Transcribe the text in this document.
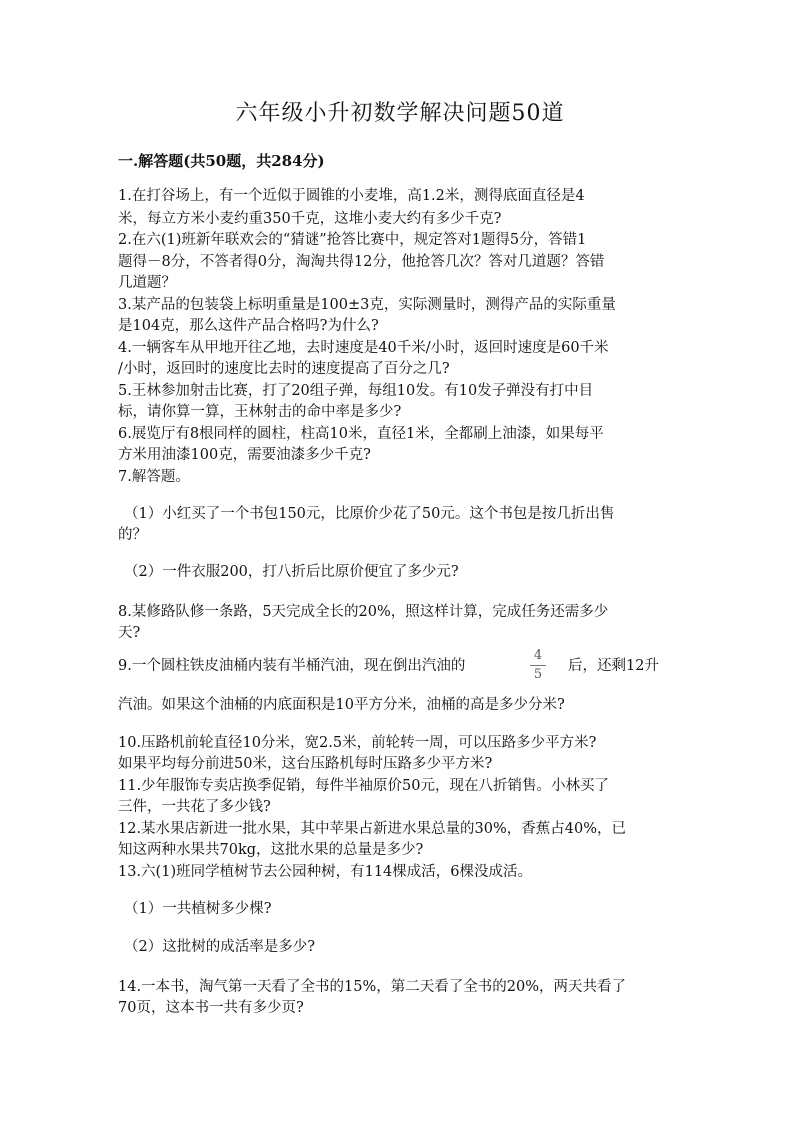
六年级小升初数学解决问题50道
一.解答题(共50题，共284分)
1.在打谷场上，有一个近似于圆锥的小麦堆，高1.2米，测得底面直径是4
米，每立方米小麦约重350千克，这堆小麦大约有多少千克?
2.在六(1)班新年联欢会的“猜谜”抢答比赛中，规定答对1题得5分，答错1
题得－8分，不答者得0分，淘淘共得12分，他抢答几次？答对几道题？答错
几道题？
3.某产品的包装袋上标明重量是100±3克，实际测量时，测得产品的实际重量
是104克，那么这件产品合格吗?为什么?
4.一辆客车从甲地开往乙地，去时速度是40千米/小时，返回时速度是60千米
/小时，返回时的速度比去时的速度提高了百分之几?
5.王林参加射击比赛，打了20组子弹，每组10发。有10发子弹没有打中目
标，请你算一算，王林射击的命中率是多少?
6.展览厅有8根同样的圆柱，柱高10米，直径1米，全都刷上油漆，如果每平
方米用油漆100克，需要油漆多少千克?
7.解答题。
（1）小红买了一个书包150元，比原价少花了50元。这个书包是按几折出售
的？
（2）一件衣服200，打八折后比原价便宜了多少元?
8.某修路队修一条路，5天完成全长的20%，照这样计算，完成任务还需多少
天?
9.一个圆柱铁皮油桶内装有半桶汽油，现在倒出汽油的
4
5
后，还剩12升
汽油。如果这个油桶的内底面积是10平方分米，油桶的高是多少分米?
10.压路机前轮直径10分米，宽2.5米，前轮转一周，可以压路多少平方米?
如果平均每分前进50米，这台压路机每时压路多少平方米?
11.少年服饰专卖店换季促销，每件半袖原价50元，现在八折销售。小林买了
三件，一共花了多少钱?
12.某水果店新进一批水果，其中苹果占新进水果总量的30%，香蕉占40%，已
知这两种水果共70kg，这批水果的总量是多少?
13.六(1)班同学植树节去公园种树，有114棵成活，6棵没成活。
（1）一共植树多少棵?
（2）这批树的成活率是多少?
14.一本书，淘气第一天看了全书的15%，第二天看了全书的20%，两天共看了
70页，这本书一共有多少页?
